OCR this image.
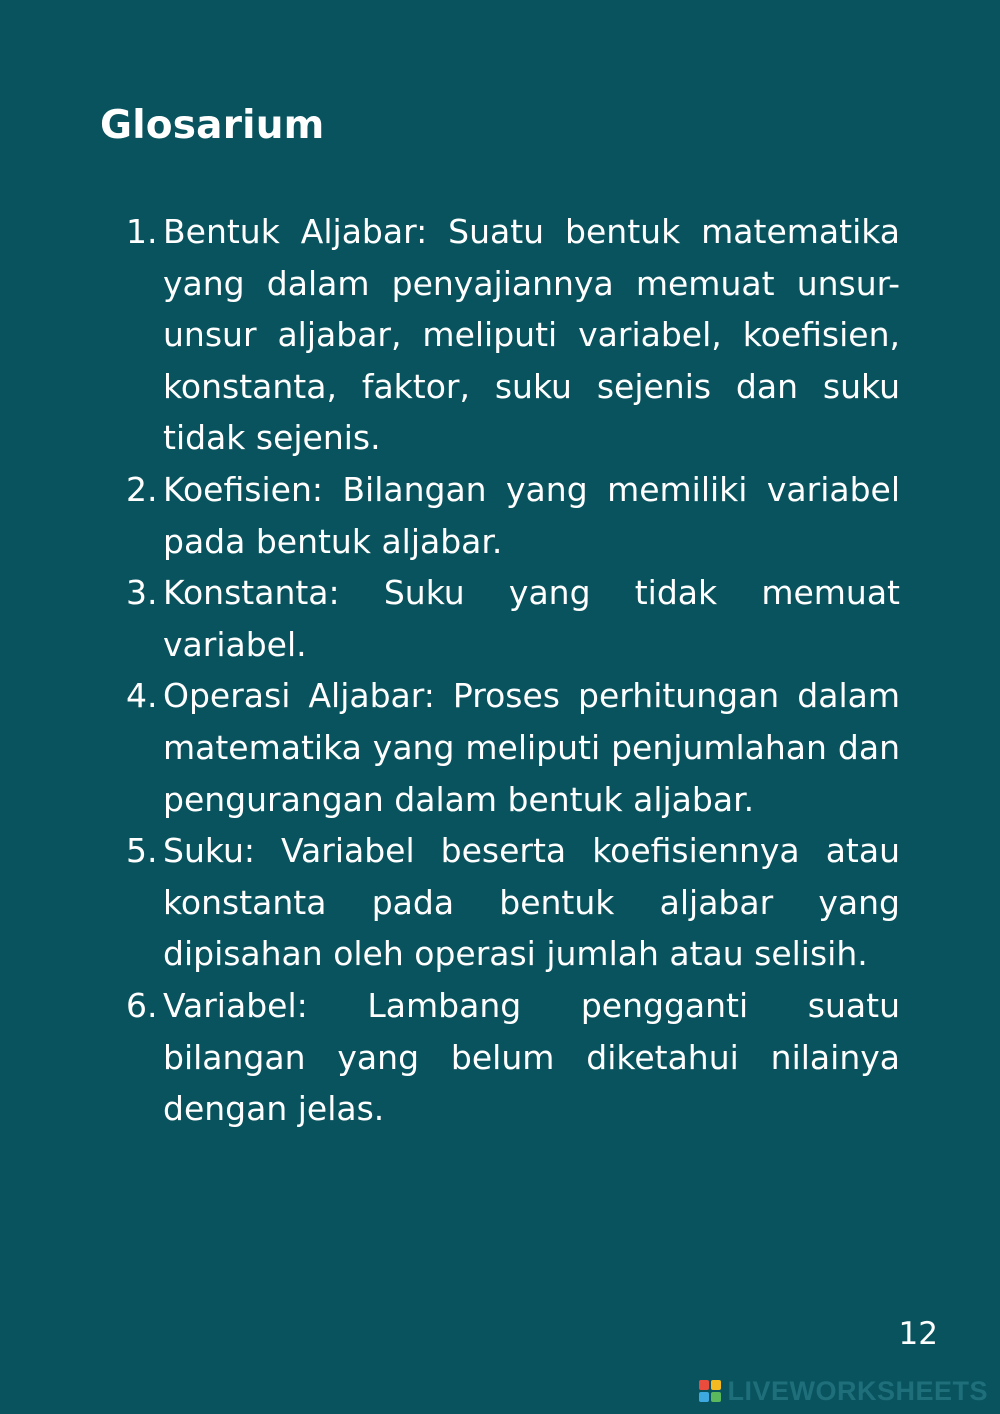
Glosarium
1. Bentuk Aljabar: Suatu bentuk matematika yang dalam penyajiannya memuat unsur-unsur aljabar, meliputi variabel, koefisien, konstanta, faktor, suku sejenis dan suku tidak sejenis.
2. Koefisien: Bilangan yang memiliki variabel pada bentuk aljabar.
3. Konstanta: Suku yang tidak memuat variabel.
4. Operasi Aljabar: Proses perhitungan dalam matematika yang meliputi penjumlahan dan pengurangan dalam bentuk aljabar.
5. Suku: Variabel beserta koefisiennya atau konstanta pada bentuk aljabar yang dipisahan oleh operasi jumlah atau selisih.
6. Variabel: Lambang pengganti suatu bilangan yang belum diketahui nilainya dengan jelas.
12
LIVEWORKSHEETS
